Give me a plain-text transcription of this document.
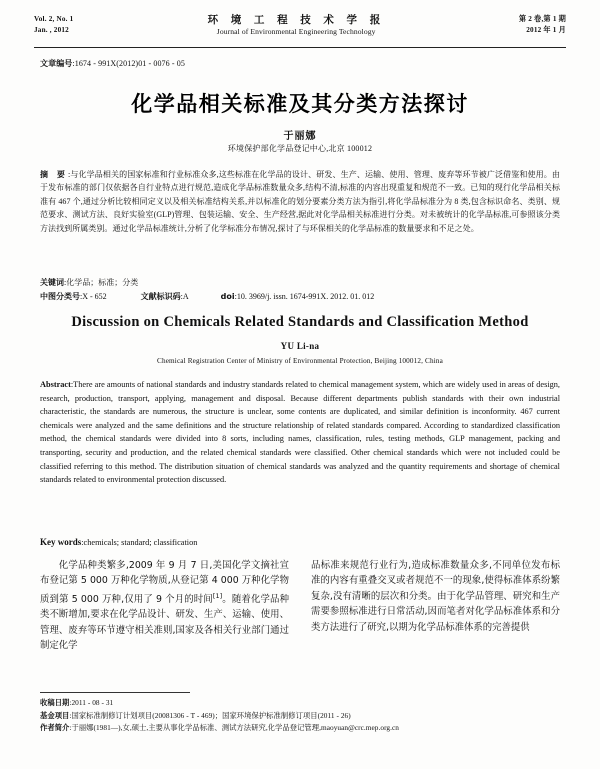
Vol. 2, No. 1
Jan. , 2012
环 境 工 程 技 术 学 报
Journal of Environmental Engineering Technology
第 2 卷,第 1 期
2012 年 1 月
文章编号:1674 - 991X(2012)01 - 0076 - 05
化学品相关标准及其分类方法探讨
于丽娜
环境保护部化学品登记中心,北京 100012
摘 要:与化学品相关的国家标准和行业标准众多,这些标准在化学品的设计、研发、生产、运输、使用、管理、废弃等环节被广泛借鉴和使用。由于发布标准的部门仅依据各自行业特点进行规范,造成化学品标准数量众多,结构不清,标准的内容出现重复和规范不一致。已知的现行化学品相关标准有 467 个,通过分析比较相同定义以及相关标准结构关系,并以标准化的划分要素分类方法为指引,将化学品标准分为 8 类,包含标识命名、类别、规范要求、测试方法、良好实验室(GLP)管理、包装运输、安全、生产经营,据此对化学品相关标准进行分类。对未被统计的化学品标准,可参照该分类方法找到所属类别。通过化学品标准统计,分析了化学标准分布情况,探讨了与环保相关的化学品标准的数量要求和不足之处。
关键词:化学品；标准；分类
中图分类号:X - 652	文献标识码:A	doi:10. 3969/j. issn. 1674-991X. 2012. 01. 012
Discussion on Chemicals Related Standards and Classification Method
YU Li-na
Chemical Registration Center of Ministry of Environmental Protection, Beijing 100012, China
Abstract:There are amounts of national standards and industry standards related to chemical management system, which are widely used in areas of design, research, production, transport, applying, management and disposal. Because different departments publish standards with their own industrial characteristic, the standards are numerous, the structure is unclear, some contents are duplicated, and similar definition is inconformity. 467 current chemicals were analyzed and the same definitions and the structure relationship of related standards compared. According to standardized classification method, the chemical standards were divided into 8 sorts, including names, classification, rules, testing methods, GLP management, packing and transporting, security and production, and the related chemical standards were classified. Other chemical standards which were not included could be classified referring to this method. The distribution situation of chemical standards was analyzed and the quantity requirements and shortage of chemical standards related to environmental protection discussed.
Key words:chemicals; standard; classification

化学品种类繁多,2009 年 9 月 7 日,美国化学文摘社宣布登记第 5 000 万种化学物质,从登记第 4 000 万种化学物质到第 5 000 万种,仅用了 9 个月的时间[1]。随着化学品种类不断增加,要求在化学品设计、研发、生产、运输、使用、管理、废弃等环节遵守相关准则,国家及各相关行业部门通过制定化学

品标准来规范行业行为,造成标准数量众多,不同单位发布标准的内容有重叠交叉或者规范不一的现象,使得标准体系纷繁复杂,没有清晰的层次和分类。由于化学品管理、研究和生产需要参照标准进行日常活动,因而笔者对化学品标准体系和分类方法进行了研究,以期为化学品标准体系的完善提供

收稿日期:2011 - 08 - 31
基金项目:国家标准制修订计划项目(20081306 - T - 469)；国家环境保护标准制修订项目(2011 - 26)
作者简介:于丽娜(1981—),女,硕士,主要从事化学品标准、测试方法研究,化学品登记管理,maoyuan@crc.mep.org.cn
